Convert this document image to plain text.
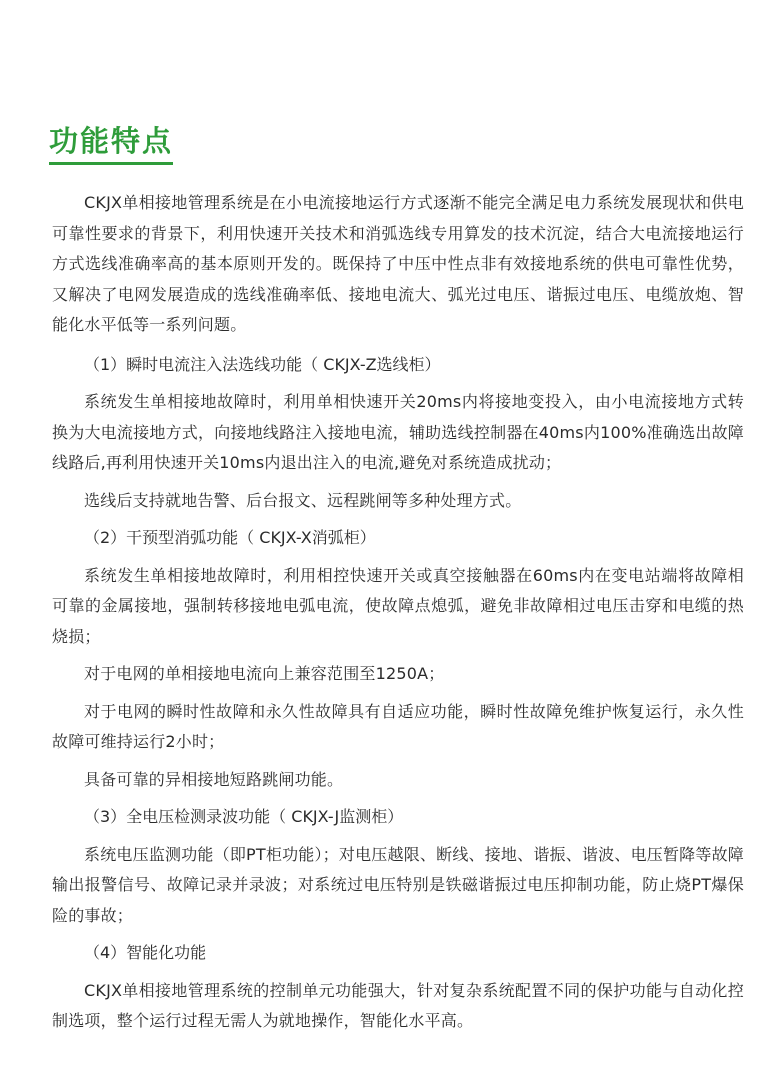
功能特点

CKJX单相接地管理系统是在小电流接地运行方式逐渐不能完全满足电力系统发展现状和供电可靠性要求的背景下，利用快速开关技术和消弧选线专用算发的技术沉淀，结合大电流接地运行方式选线准确率高的基本原则开发的。既保持了中压中性点非有效接地系统的供电可靠性优势，又解决了电网发展造成的选线准确率低、接地电流大、弧光过电压、谐振过电压、电缆放炮、智能化水平低等一系列问题。

（1）瞬时电流注入法选线功能（ CKJX-Z选线柜）

系统发生单相接地故障时，利用单相快速开关20ms内将接地变投入，由小电流接地方式转换为大电流接地方式，向接地线路注入接地电流，辅助选线控制器在40ms内100%准确选出故障线路后,再利用快速开关10ms内退出注入的电流,避免对系统造成扰动；

选线后支持就地告警、后台报文、远程跳闸等多种处理方式。

（2）干预型消弧功能（ CKJX-X消弧柜）

系统发生单相接地故障时，利用相控快速开关或真空接触器在60ms内在变电站端将故障相可靠的金属接地，强制转移接地电弧电流，使故障点熄弧，避免非故障相过电压击穿和电缆的热烧损；

对于电网的单相接地电流向上兼容范围至1250A；

对于电网的瞬时性故障和永久性故障具有自适应功能，瞬时性故障免维护恢复运行，永久性故障可维持运行2小时；

具备可靠的异相接地短路跳闸功能。

（3）全电压检测录波功能（ CKJX-J监测柜）

系统电压监测功能（即PT柜功能）；对电压越限、断线、接地、谐振、谐波、电压暂降等故障输出报警信号、故障记录并录波；对系统过电压特别是铁磁谐振过电压抑制功能，防止烧PT爆保险的事故；

（4）智能化功能

CKJX单相接地管理系统的控制单元功能强大，针对复杂系统配置不同的保护功能与自动化控制选项，整个运行过程无需人为就地操作，智能化水平高。
